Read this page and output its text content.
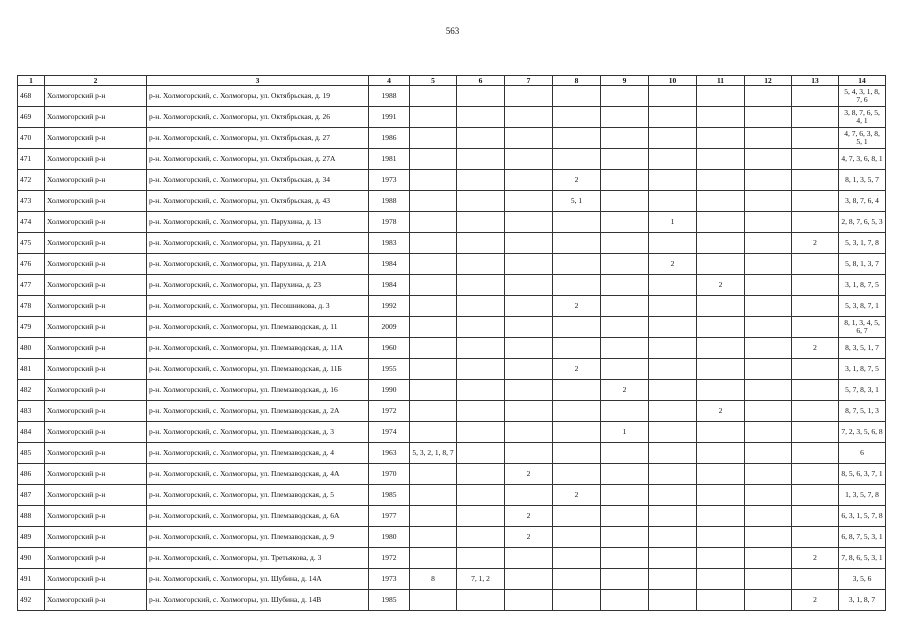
563
1	2	3	4	5	6	7	8	9	10	11	12	13	14
468	Холмогорский р-н	р-н. Холмогорский, с. Холмогоры, ул. Октябрьская, д. 19	1988										5, 4, 3, 1, 8, 7, 6
469	Холмогорский р-н	р-н. Холмогорский, с. Холмогоры, ул. Октябрьская, д. 26	1991										3, 8, 7, 6, 5, 4, 1
470	Холмогорский р-н	р-н. Холмогорский, с. Холмогоры, ул. Октябрьская, д. 27	1986										4, 7, 6, 3, 8, 5, 1
471	Холмогорский р-н	р-н. Холмогорский, с. Холмогоры, ул. Октябрьская, д. 27А	1981										4, 7, 3, 6, 8, 1
472	Холмогорский р-н	р-н. Холмогорский, с. Холмогоры, ул. Октябрьская, д. 34	1973				2						8, 1, 3, 5, 7
473	Холмогорский р-н	р-н. Холмогорский, с. Холмогоры, ул. Октябрьская, д. 43	1988				5, 1						3, 8, 7, 6, 4
474	Холмогорский р-н	р-н. Холмогорский, с. Холмогоры, ул. Парухина, д. 13	1978						1				2, 8, 7, 6, 5, 3
475	Холмогорский р-н	р-н. Холмогорский, с. Холмогоры, ул. Парухина, д. 21	1983									2	5, 3, 1, 7, 8
476	Холмогорский р-н	р-н. Холмогорский, с. Холмогоры, ул. Парухина, д. 21А	1984						2				5, 8, 1, 3, 7
477	Холмогорский р-н	р-н. Холмогорский, с. Холмогоры, ул. Парухина, д. 23	1984							2			3, 1, 8, 7, 5
478	Холмогорский р-н	р-н. Холмогорский, с. Холмогоры, ул. Песошникова, д. 3	1992				2						5, 3, 8, 7, 1
479	Холмогорский р-н	р-н. Холмогорский, с. Холмогоры, ул. Племзаводская, д. 11	2009										8, 1, 3, 4, 5, 6, 7
480	Холмогорский р-н	р-н. Холмогорский, с. Холмогоры, ул. Племзаводская, д. 11А	1960									2	8, 3, 5, 1, 7
481	Холмогорский р-н	р-н. Холмогорский, с. Холмогоры, ул. Племзаводская, д. 11Б	1955				2						3, 1, 8, 7, 5
482	Холмогорский р-н	р-н. Холмогорский, с. Холмогоры, ул. Племзаводская, д. 16	1990					2					5, 7, 8, 3, 1
483	Холмогорский р-н	р-н. Холмогорский, с. Холмогоры, ул. Племзаводская, д. 2А	1972							2			8, 7, 5, 1, 3
484	Холмогорский р-н	р-н. Холмогорский, с. Холмогоры, ул. Племзаводская, д. 3	1974					1					7, 2, 3, 5, 6, 8
485	Холмогорский р-н	р-н. Холмогорский, с. Холмогоры, ул. Племзаводская, д. 4	1963	5, 3, 2, 1, 8, 7									6
486	Холмогорский р-н	р-н. Холмогорский, с. Холмогоры, ул. Племзаводская, д. 4А	1970			2							8, 5, 6, 3, 7, 1
487	Холмогорский р-н	р-н. Холмогорский, с. Холмогоры, ул. Племзаводская, д. 5	1985				2						1, 3, 5, 7, 8
488	Холмогорский р-н	р-н. Холмогорский, с. Холмогоры, ул. Племзаводская, д. 6А	1977			2							6, 3, 1, 5, 7, 8
489	Холмогорский р-н	р-н. Холмогорский, с. Холмогоры, ул. Племзаводская, д. 9	1980			2							6, 8, 7, 5, 3, 1
490	Холмогорский р-н	р-н. Холмогорский, с. Холмогоры, ул. Третьякова, д. 3	1972									2	7, 8, 6, 5, 3, 1
491	Холмогорский р-н	р-н. Холмогорский, с. Холмогоры, ул. Шубина, д. 14А	1973	8	7, 1, 2								3, 5, 6
492	Холмогорский р-н	р-н. Холмогорский, с. Холмогоры, ул. Шубина, д. 14В	1985									2	3, 1, 8, 7
